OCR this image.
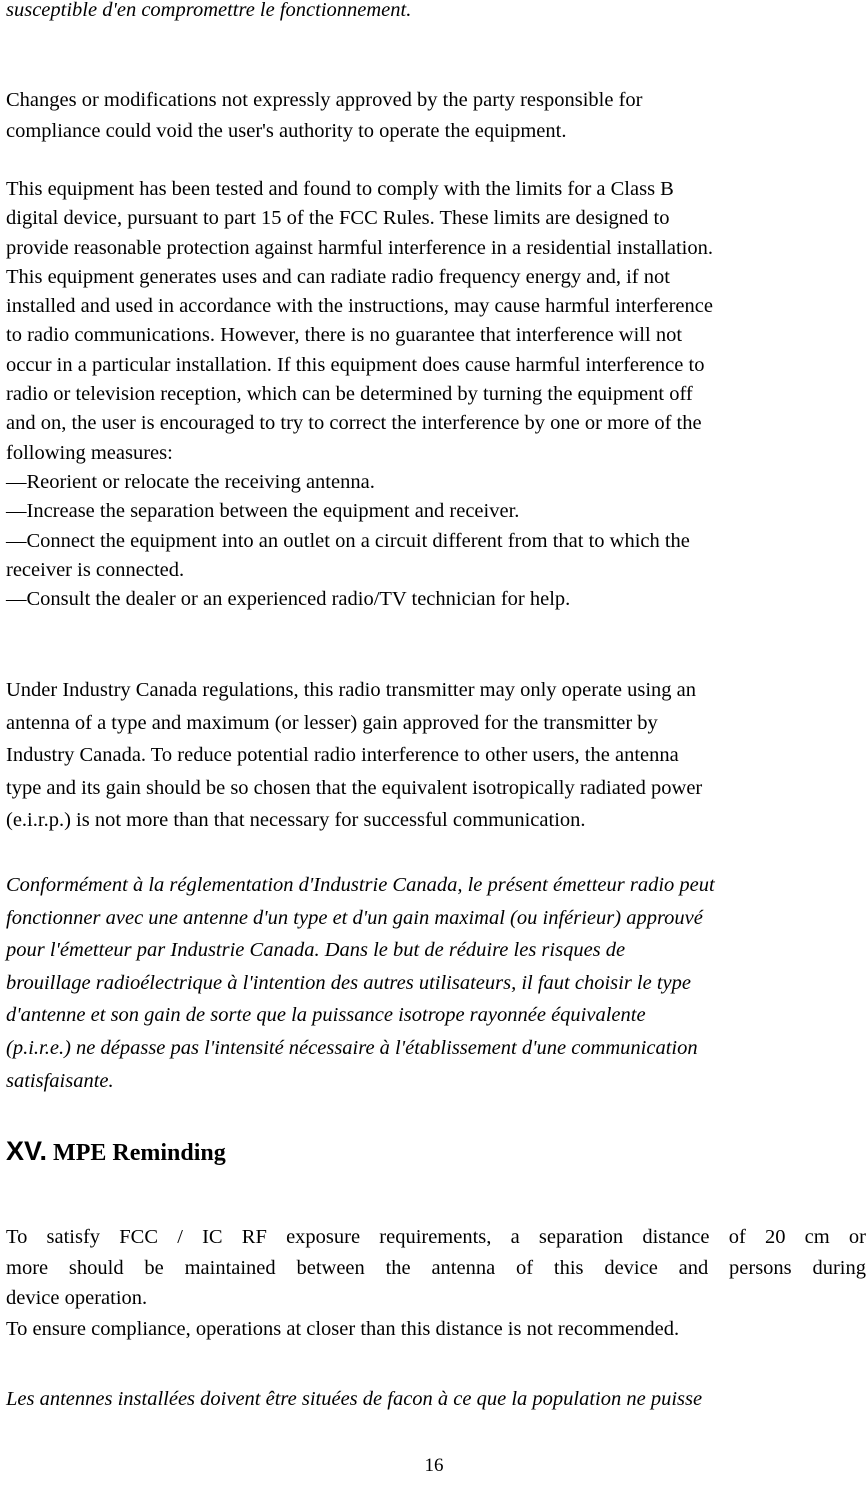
susceptible d'en compromettre le fonctionnement.

Changes or modifications not expressly approved by the party responsible for
compliance could void the user's authority to operate the equipment.

This equipment has been tested and found to comply with the limits for a Class B
digital device, pursuant to part 15 of the FCC Rules. These limits are designed to
provide reasonable protection against harmful interference in a residential installation.
This equipment generates uses and can radiate radio frequency energy and, if not
installed and used in accordance with the instructions, may cause harmful interference
to radio communications. However, there is no guarantee that interference will not
occur in a particular installation. If this equipment does cause harmful interference to
radio or television reception, which can be determined by turning the equipment off
and on, the user is encouraged to try to correct the interference by one or more of the
following measures:
—Reorient or relocate the receiving antenna.
—Increase the separation between the equipment and receiver.
—Connect the equipment into an outlet on a circuit different from that to which the
receiver is connected.
—Consult the dealer or an experienced radio/TV technician for help.

Under Industry Canada regulations, this radio transmitter may only operate using an
antenna of a type and maximum (or lesser) gain approved for the transmitter by
Industry Canada. To reduce potential radio interference to other users, the antenna
type and its gain should be so chosen that the equivalent isotropically radiated power
(e.i.r.p.) is not more than that necessary for successful communication.

Conformément à la réglementation d'Industrie Canada, le présent émetteur radio peut
fonctionner avec une antenne d'un type et d'un gain maximal (ou inférieur) approuvé
pour l'émetteur par Industrie Canada. Dans le but de réduire les risques de
brouillage radioélectrique à l'intention des autres utilisateurs, il faut choisir le type
d'antenne et son gain de sorte que la puissance isotrope rayonnée équivalente
(p.i.r.e.) ne dépasse pas l'intensité nécessaire à l'établissement d'une communication
satisfaisante.

XV. MPE Reminding

To satisfy FCC / IC RF exposure requirements, a separation distance of 20 cm or
more should be maintained between the antenna of this device and persons during
device operation.
To ensure compliance, operations at closer than this distance is not recommended.

Les antennes installées doivent être situées de facon à ce que la population ne puisse

16
